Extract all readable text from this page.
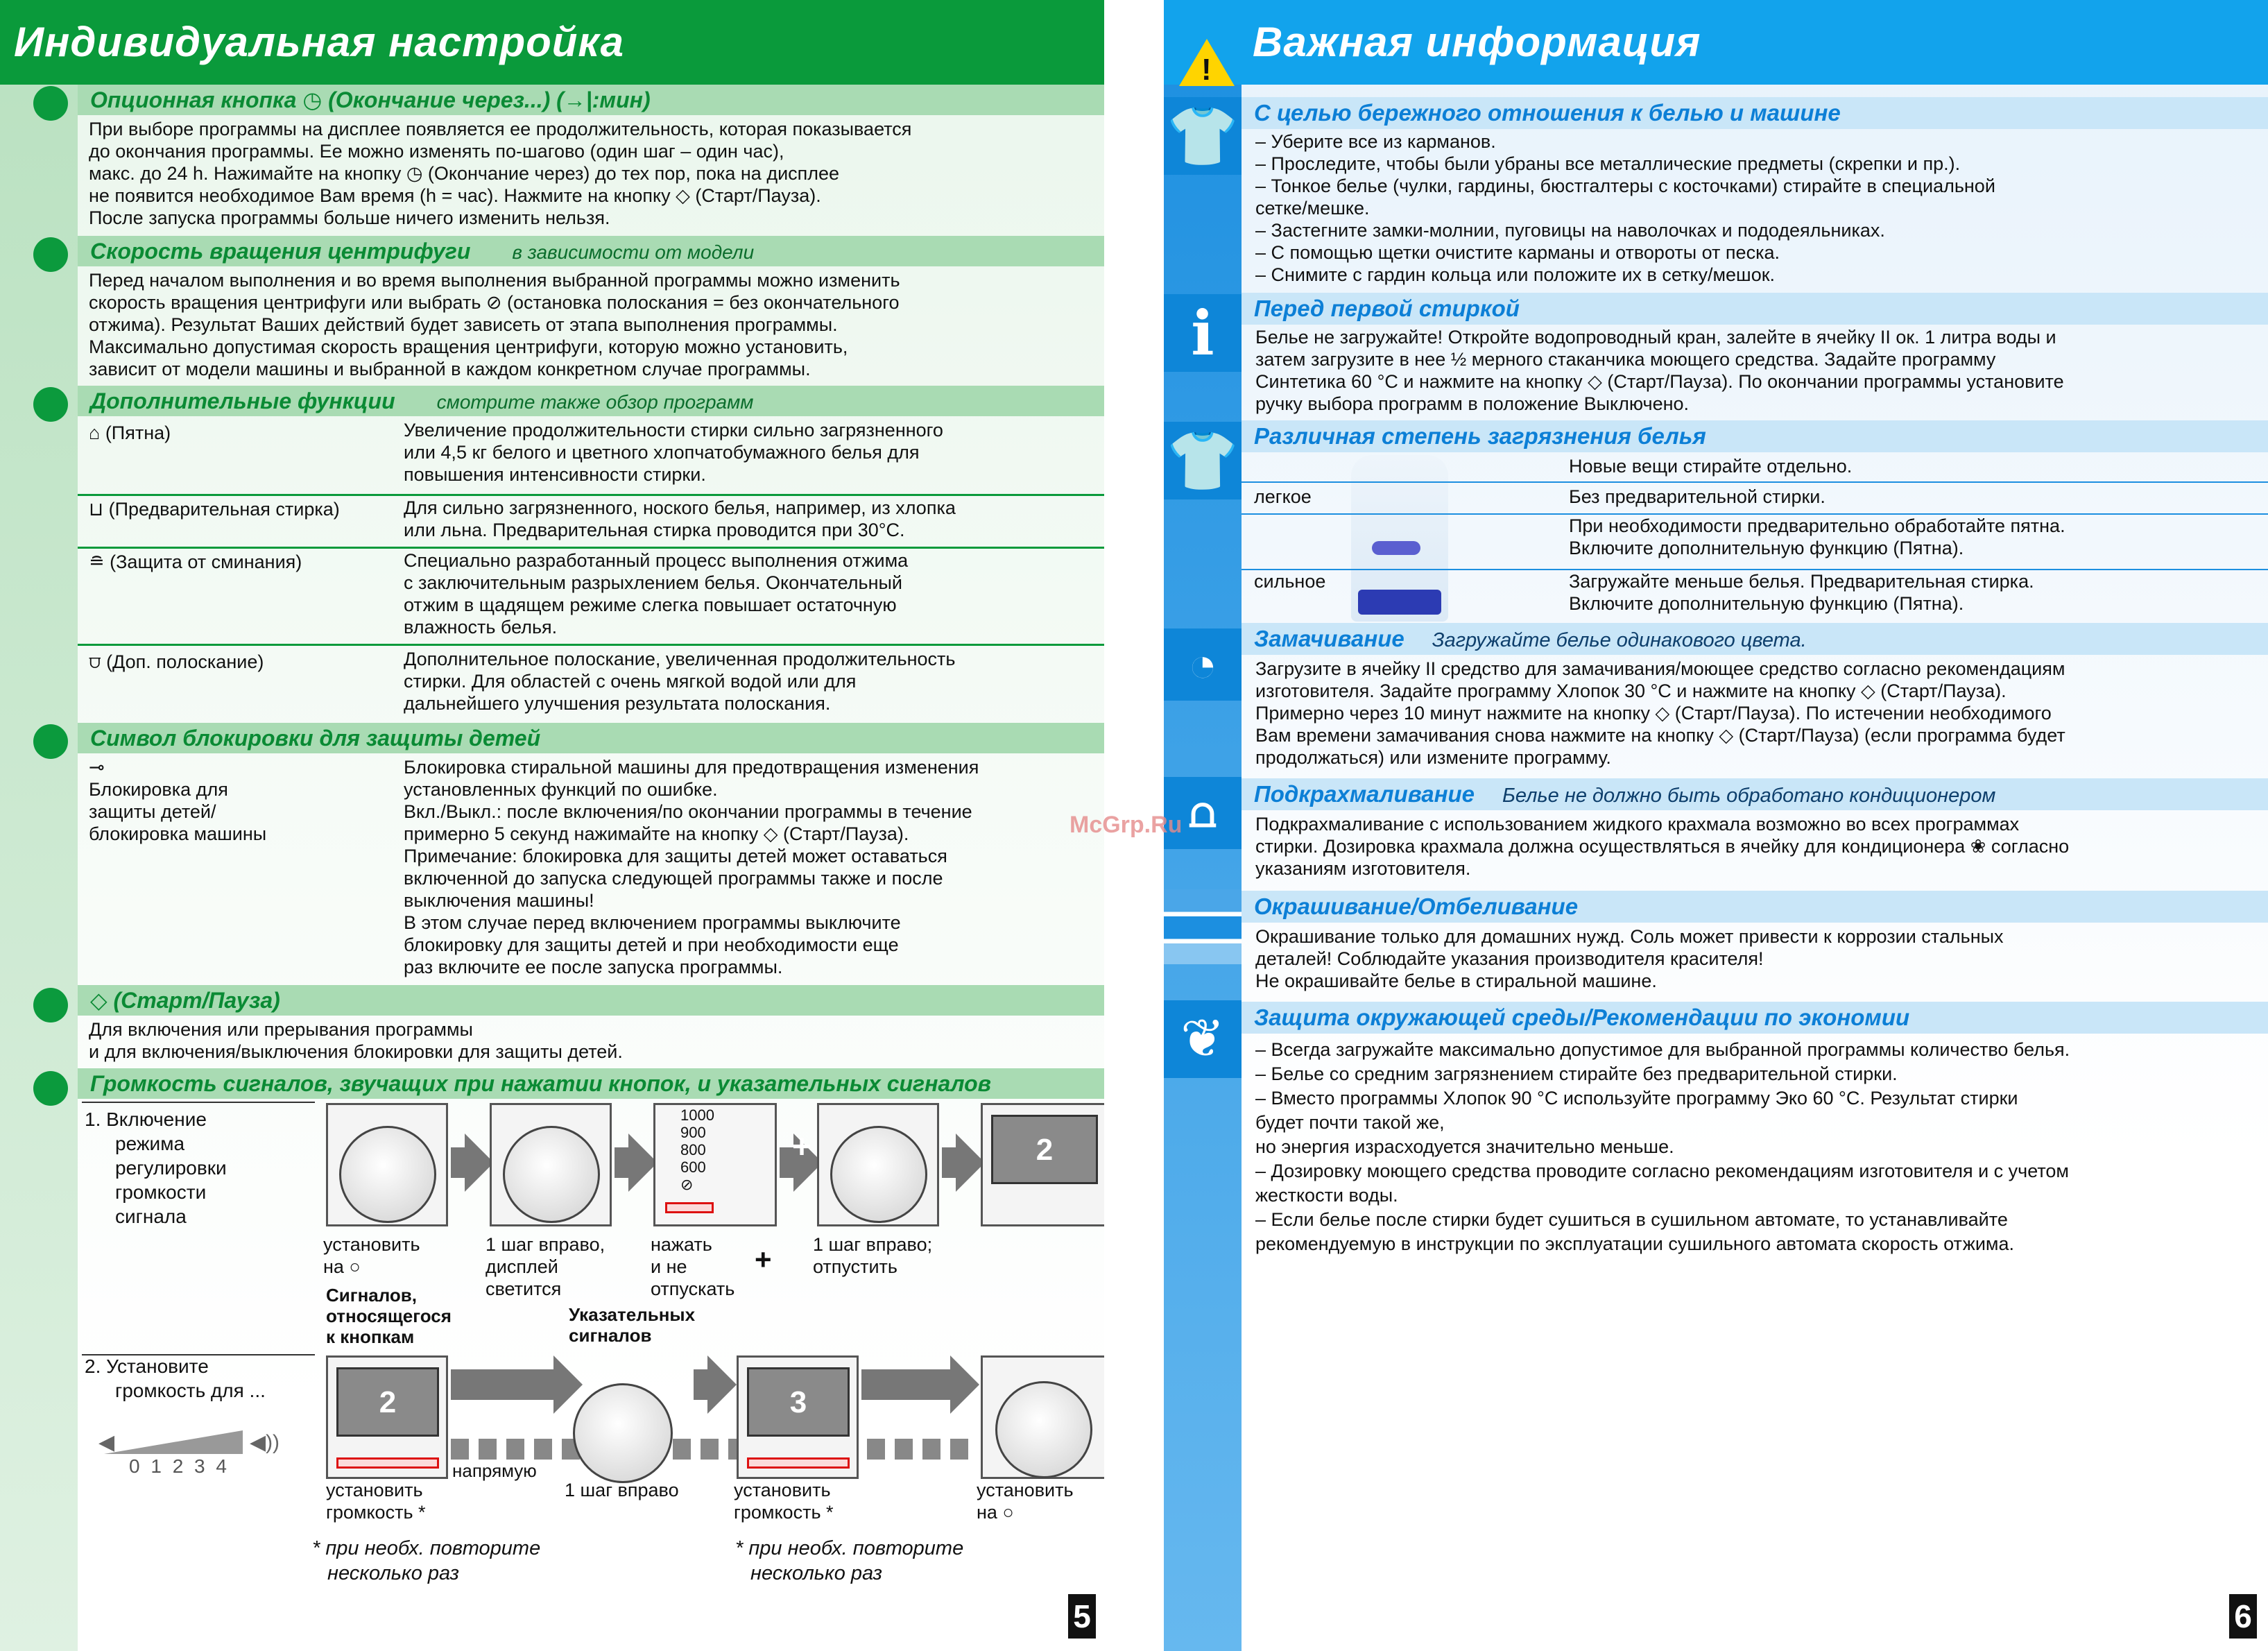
Индивидуальная настройка
Опционная кнопка ◷ (Окончание через...) (→|:мин)

При выборе программы на дисплее появляется ее продолжительность, которая показывается

до окончания программы. Ее можно изменять по-шагово (один шаг – один час),

макс. до 24 h. Нажимайте на кнопку ◷ (Окончание через) до тех пор, пока на дисплее

не появится необходимое Вам время (h = час). Нажмите на кнопку ◇ (Старт/Пауза).

После запуска программы больше ничего изменить нельзя.

Скорость вращения центрифуги в зависимости от модели

Перед началом выполнения и во время выполнения выбранной программы можно изменить

скорость вращения центрифуги или выбрать ⊘ (остановка полоскания = без окончательного

отжима). Результат Ваших действий будет зависеть от этапа выполнения программы.

Максимально допустимая скорость вращения центрифуги, которую можно установить,

зависит от модели машины и выбранной в каждом конкретном случае программы.

Дополнительные функции смотрите также обзор программ
⌂ (Пятна)	Увеличение продолжительности стирки сильно загрязненного

или 4,5 кг белого и цветного хлопчатобумажного белья для

повышения интенсивности стирки.

⊔ (Предварительная стирка)	Для сильно загрязненного, ноского белья, например, из хлопка

или льна. Предварительная стирка проводится при 30°С.

≘ (Защита от сминания)	Специально разработанный процесс выполнения отжима

с заключительным разрыхлением белья. Окончательный

отжим в щадящем режиме слегка повышает остаточную

влажность белья.

⩌ (Доп. полоскание)	Дополнительное полоскание, увеличенная продолжительность

стирки. Для областей с очень мягкой водой или для

дальнейшего улучшения результата полоскания.

Символ блокировки для защиты детей

⊸

Блокировка для

защиты детей/

блокировка машины

Блокировка стиральной машины для предотвращения изменения

установленных функций по ошибке.

Вкл./Выкл.: после включения/по окончании программы в течение

примерно 5 секунд нажимайте на кнопку ◇ (Старт/Пауза).

Примечание: блокировка для защиты детей может оставаться

включенной до запуска следующей программы также и после

выключения машины!

В этом случае перед включением программы выключите

блокировку для защиты детей и при необходимости еще

раз включите ее после запуска программы.

◇ (Старт/Пауза)

Для включения или прерывания программы

и для включения/выключения блокировки для защиты детей.

Громкость сигналов, звучащих при нажатии кнопок, и указательных сигналов

1. Включение

режима

регулировки

громкости

сигнала

1000

900

800

600

⊘

+	2

установить

на ○

1 шаг вправо,

дисплей

светится

нажать

и не

отпускать

+ 1 шаг вправо;

отпустить

Сигналов,

относящегося

к кнопкам

Указательных

сигналов

2. Установите

громкость для ...

◀	◀))
0 1 2 3 4
2
напрямую
3

установить

громкость *

1 шаг вправо	установить

громкость *

установить

на ○

* при необх. повторите

несколько раз

* при необх. повторите

несколько раз

5
Важная информация
!
👕 С целью бережного отношения к белью и машине

– Уберите все из карманов.

– Проследите, чтобы были убраны все металлические предметы (скрепки и пр.).

– Тонкое белье (чулки, гардины, бюстгалтеры с косточками) стирайте в специальной

сетке/мешке.

– Застегните замки-молнии, пуговицы на наволочках и пододеяльниках.

– С помощью щетки очистите карманы и отвороты от песка.

– Снимите с гардин кольца или положите их в сетку/мешок.

i	Перед первой стиркой

Белье не загружайте! Откройте водопроводный кран, залейте в ячейку II ок. 1 литра воды и

затем загрузите в нее ½ мерного стаканчика моющего средства. Задайте программу

Синтетика 60 °С и нажмите на кнопку ◇ (Старт/Пауза). По окончании программы установите

ручку выбора программ в положение Выключено.

👕 Различная степень загрязнения белья

Новые вещи стирайте отдельно.

легкое	Без предварительной стирки.

При необходимости предварительно обработайте пятна.

Включите дополнительную функцию (Пятна).

сильное	Загружайте меньше белья. Предварительная стирка.

Включите дополнительную функцию (Пятна).

◔	Замачивание Загружайте белье одинакового цвета.

Загрузите в ячейку II средство для замачивания/моющее средство согласно рекомендациям

изготовителя. Задайте программу Хлопок 30 °С и нажмите на кнопку ◇ (Старт/Пауза).

Примерно через 10 минут нажмите на кнопку ◇ (Старт/Пауза). По истечении необходимого

Вам времени замачивания снова нажмите на кнопку ◇ (Старт/Пауза) (если программа будет

продолжаться) или измените программу.

⩍	Подкрахмаливание Белье не должно быть обработано кондиционером

Подкрахмаливание с использованием жидкого крахмала возможно во всех программах

стирки. Дозировка крахмала должна осуществляться в ячейку для кондиционера ❀ согласно

указаниям изготовителя.

Окрашивание/Отбеливание

Окрашивание только для домашних нужд. Соль может привести к коррозии стальных

деталей! Соблюдайте указания производителя красителя!

Не окрашивайте белье в стиральной машине.

❦	Защита окружающей среды/Рекомендации по экономии

– Всегда загружайте максимально допустимое для выбранной программы количество белья.

– Белье со средним загрязнением стирайте без предварительной стирки.

– Вместо программы Хлопок 90 °С используйте программу Эко 60 °С. Результат стирки

будет почти такой же,

но энергия израсходуется значительно меньше.

– Дозировку моющего средства проводите согласно рекомендациям изготовителя и с учетом

жесткости воды.

– Если белье после стирки будет сушиться в сушильном автомате, то устанавливайте

рекомендуемую в инструкции по эксплуатации сушильного автомата скорость отжима.

6
McGrp.Ru
